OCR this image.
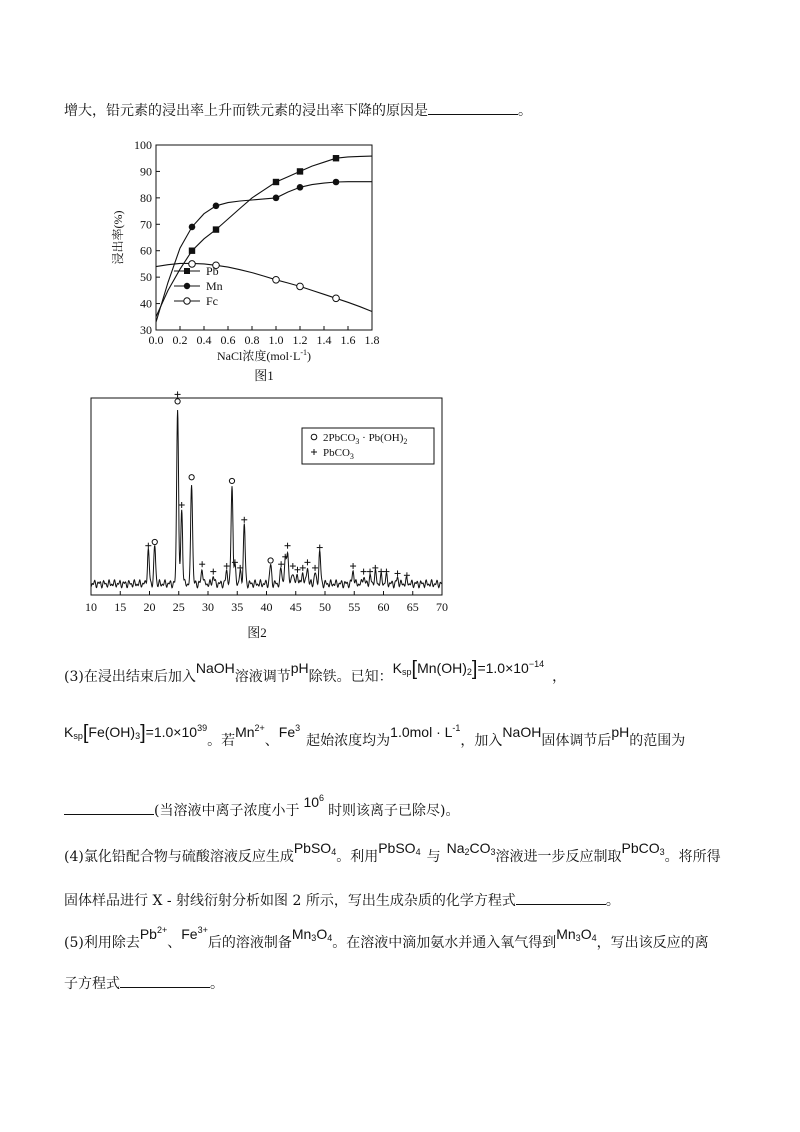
增大，铅元素的浸出率上升而铁元素的浸出率下降的原因是	。
0.0 0.2 0.4 0.6 0.8 1.0 1.2 1.4 1.6 1.8
30
40
50
60
70
80
90
100
NaCl浓度$(mol\cdot L^{-1})$
浸出率(%)
图1
Pb
Mn
Fc
10 15 20 25 30 35 40 45 50 55 60 65 70
图2
2PbCO$_3$ · $Pb(OH)_2$
PbCO$_3$
(3)在浸出结束后加入NaOH溶液调节pH除铁。已知：$K_{sp}[Mn(OH)_2]=1.0\times 10^{-14}$，
$K_{sp}[Fe(OH)_3]=1.0\times 10^{39}$。若$Mn^{2+}$、Fe$^3$起始浓度均为$1.0mol \cdot L^{-1}$，加入NaOH固体调节后pH的范围为
(当溶液中离子浓度小于$10^6$时则该离子已除尽)。
(4)氯化铅配合物与硫酸溶液反应生成PbSO$_4$。利用PbSO$_4$ 与$Na_2CO_3$溶液进一步反应制取PbCO$_3$。将所得
固体样品进行 X - 射线衍射分析如图 2 所示，写出生成杂质的化学方程式	。
(5)利用除去$Pb^{2+}$、$Fe^{3+}$后的溶液制备$Mn_3O_4$。在溶液中滴加氨水并通入氧气得到$Mn_3O_4$，写出该反应的离
子方程式	。
